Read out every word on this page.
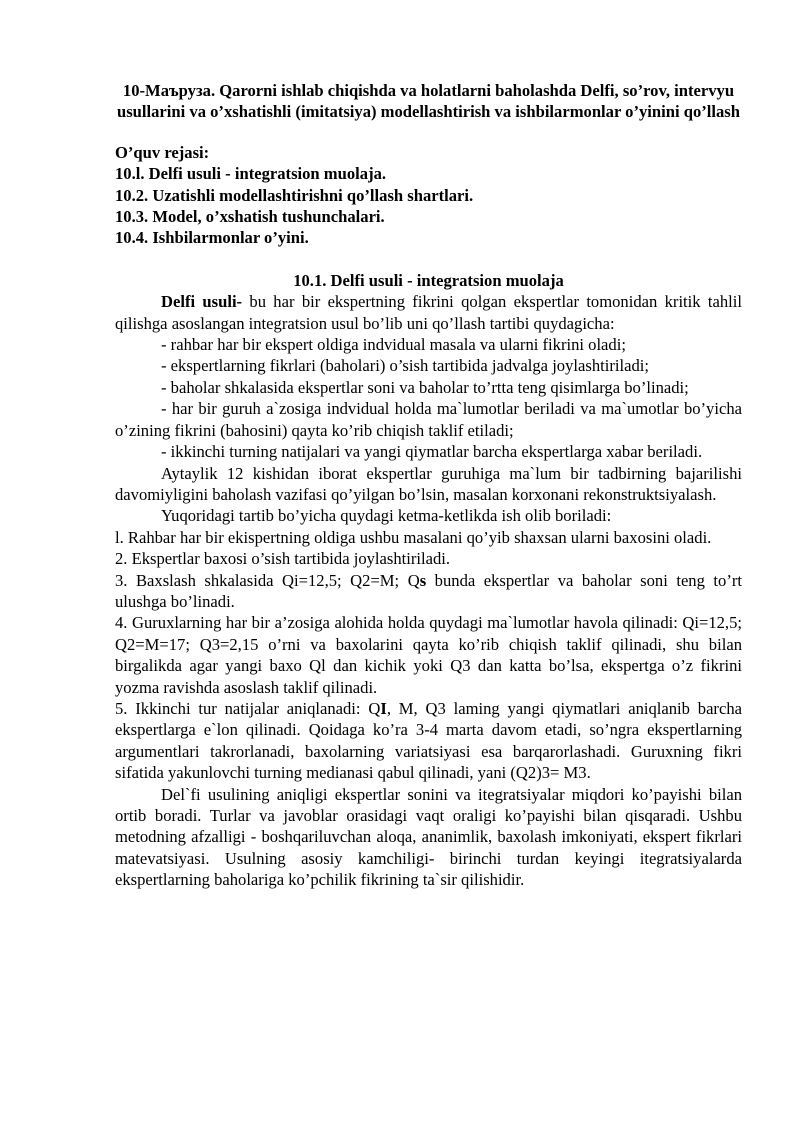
10-Маъруза. Qarorni ishlab chiqishda va holatlarni baholashda Delfi, so’rov, intervyu usullarini va o’xshatishli (imitatsiya) modellashtirish va ishbilarmonlar o’yinini qo’llash
O’quv rejasi:
10.l. Delfi usuli - integratsion muolaja.
10.2. Uzatishli modellashtirishni qo’llash shartlari.
10.3. Model, o’xshatish tushunchalari.
10.4. Ishbilarmonlar o’yini.
10.1. Delfi usuli - integratsion muolaja

Delfi usuli- bu har bir ekspertning fikrini qolgan ekspertlar tomonidan kritik tahlil qilishga asoslangan integratsion usul bo’lib uni qo’llash tartibi quydagicha:

- rahbar har bir ekspert oldiga indvidual masala va ularni fikrini oladi;

- ekspertlarning fikrlari (baholari) o’sish tartibida jadvalga joylashtiriladi;

- baholar shkalasida ekspertlar soni va baholar to’rtta teng qisimlarga bo’linadi;

- har bir guruh a`zosiga indvidual holda ma`lumotlar beriladi va ma`umotlar bo’yicha o’zining fikrini (bahosini) qayta ko’rib chiqish taklif etiladi;

- ikkinchi turning natijalari va yangi qiymatlar barcha ekspertlarga xabar beriladi.

Aytaylik 12 kishidan iborat ekspertlar guruhiga ma`lum bir tadbirning bajarilishi davomiyligini baholash vazifasi qo’yilgan bo’lsin, masalan korxonani rekonstruktsiyalash.

Yuqoridagi tartib bo’yicha quydagi ketma-ketlikda ish olib boriladi:

l. Rahbar har bir ekispertning oldiga ushbu masalani qo’yib shaxsan ularni baxosini oladi.

2. Ekspertlar baxosi o’sish tartibida joylashtiriladi.

3. Baxslash shkalasida Qi=12,5; Q2=M; Qs bunda ekspertlar va baholar soni teng to’rt ulushga bo’linadi.

4. Guruxlarning har bir a’zosiga alohida holda quydagi ma`lumotlar havola qilinadi: Qi=12,5; Q2=M=17; Q3=2,15 o’rni va baxolarini qayta ko’rib chiqish taklif qilinadi, shu bilan birgalikda agar yangi baxo Ql dan kichik yoki Q3 dan katta bo’lsa, ekspertga o’z fikrini yozma ravishda asoslash taklif qilinadi.

5. Ikkinchi tur natijalar aniqlanadi: QI, M, Q3 laming yangi qiymatlari aniqlanib barcha ekspertlarga e`lon qilinadi. Qoidaga ko’ra 3-4 marta davom etadi, so’ngra ekspertlarning argumentlari takrorlanadi, baxolarning variatsiyasi esa barqarorlashadi. Guruxning fikri sifatida yakunlovchi turning medianasi qabul qilinadi, yani (Q2)3= M3.

Del`fi usulining aniqligi ekspertlar sonini va itegratsiyalar miqdori ko’payishi bilan ortib boradi. Turlar va javoblar orasidagi vaqt oraligi ko’payishi bilan qisqaradi. Ushbu metodning afzalligi - boshqariluvchan aloqa, ananimlik, baxolash imkoniyati, ekspert fikrlari matevatsiyasi. Usulning asosiy kamchiligi- birinchi turdan keyingi itegratsiyalarda ekspertlarning baholariga ko’pchilik fikrining ta`sir qilishidir.
